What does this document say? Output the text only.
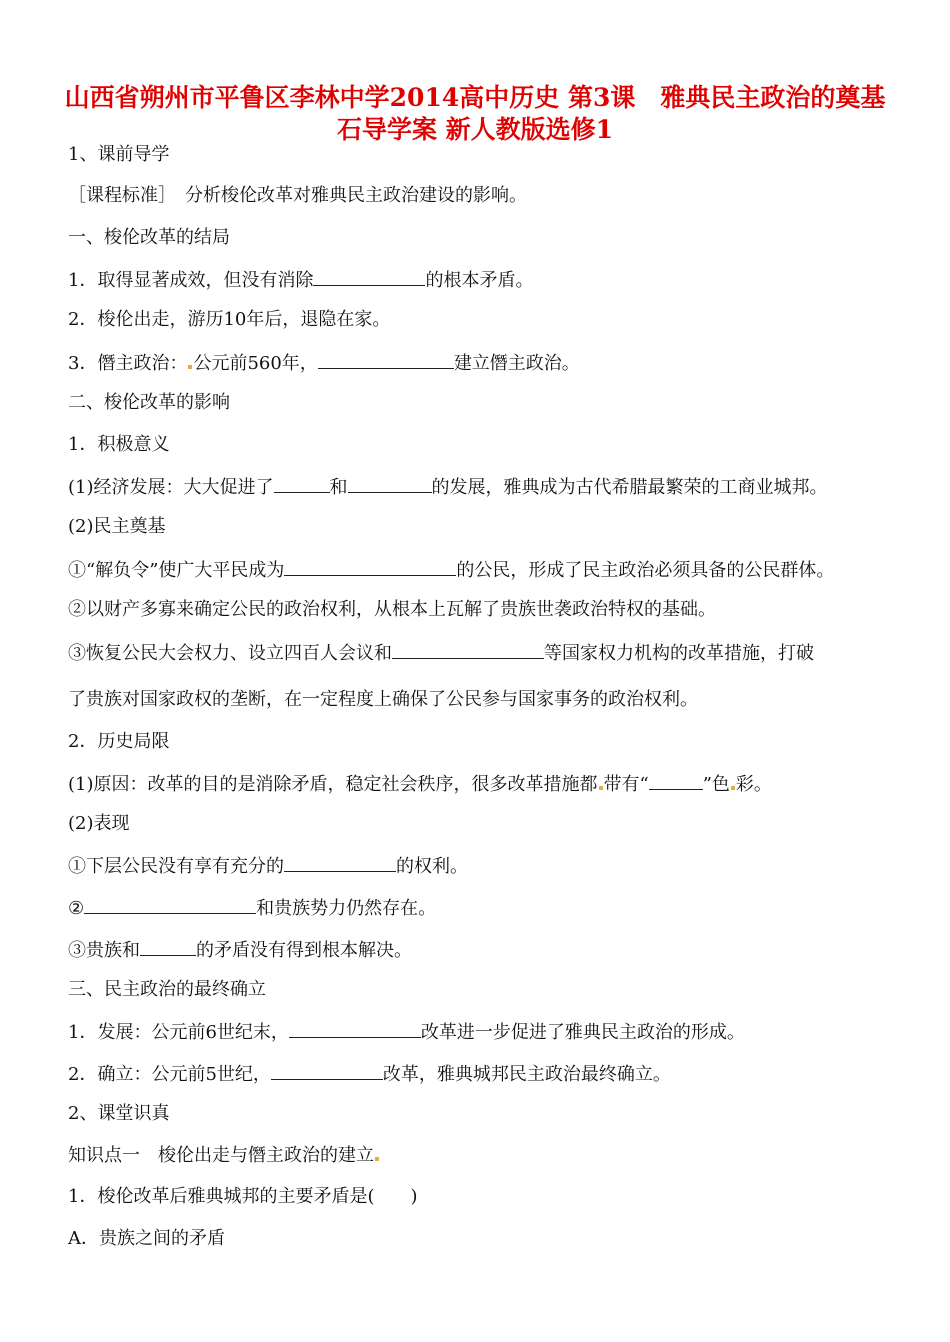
山西省朔州市平鲁区李林中学2014高中历史 第3课　雅典民主政治的奠基石导学案 新人教版选修1
1、课前导学
［课程标准］　分析梭伦改革对雅典民主政治建设的影响。
一、梭伦改革的结局
1．取得显著成效，但没有消除	的根本矛盾。
2．梭伦出走，游历10年后，退隐在家。
3．僭主政治： 公元前560年，	建立僭主政治。
二、梭伦改革的影响
1．积极意义
(1)经济发展：大大促进了	和	的发展，雅典成为古代希腊最繁荣的工商业城邦。
(2)民主奠基
①“解负令”使广大平民成为	的公民，形成了民主政治必须具备的公民群体。
②以财产多寡来确定公民的政治权利，从根本上瓦解了贵族世袭政治特权的基础。
③恢复公民大会权力、设立四百人会议和	等国家权力机构的改革措施，打破
了贵族对国家政权的垄断，在一定程度上确保了公民参与国家事务的政治权利。
2．历史局限
(1)原因：改革的目的是消除矛盾，稳定社会秩序，很多改革措施都 带有“	”色 彩。
(2)表现
①下层公民没有享有充分的	的权利。
②	和贵族势力仍然存在。
③贵族和	的矛盾没有得到根本解决。
三、民主政治的最终确立
1．发展：公元前6世纪末，	改革进一步促进了雅典民主政治的形成。
2．确立：公元前5世纪，	改革，雅典城邦民主政治最终确立。
2、课堂识真
知识点一　梭伦出走与僭主政治的建立
1．梭伦改革后雅典城邦的主要矛盾是(　　)
A．贵族之间的矛盾
